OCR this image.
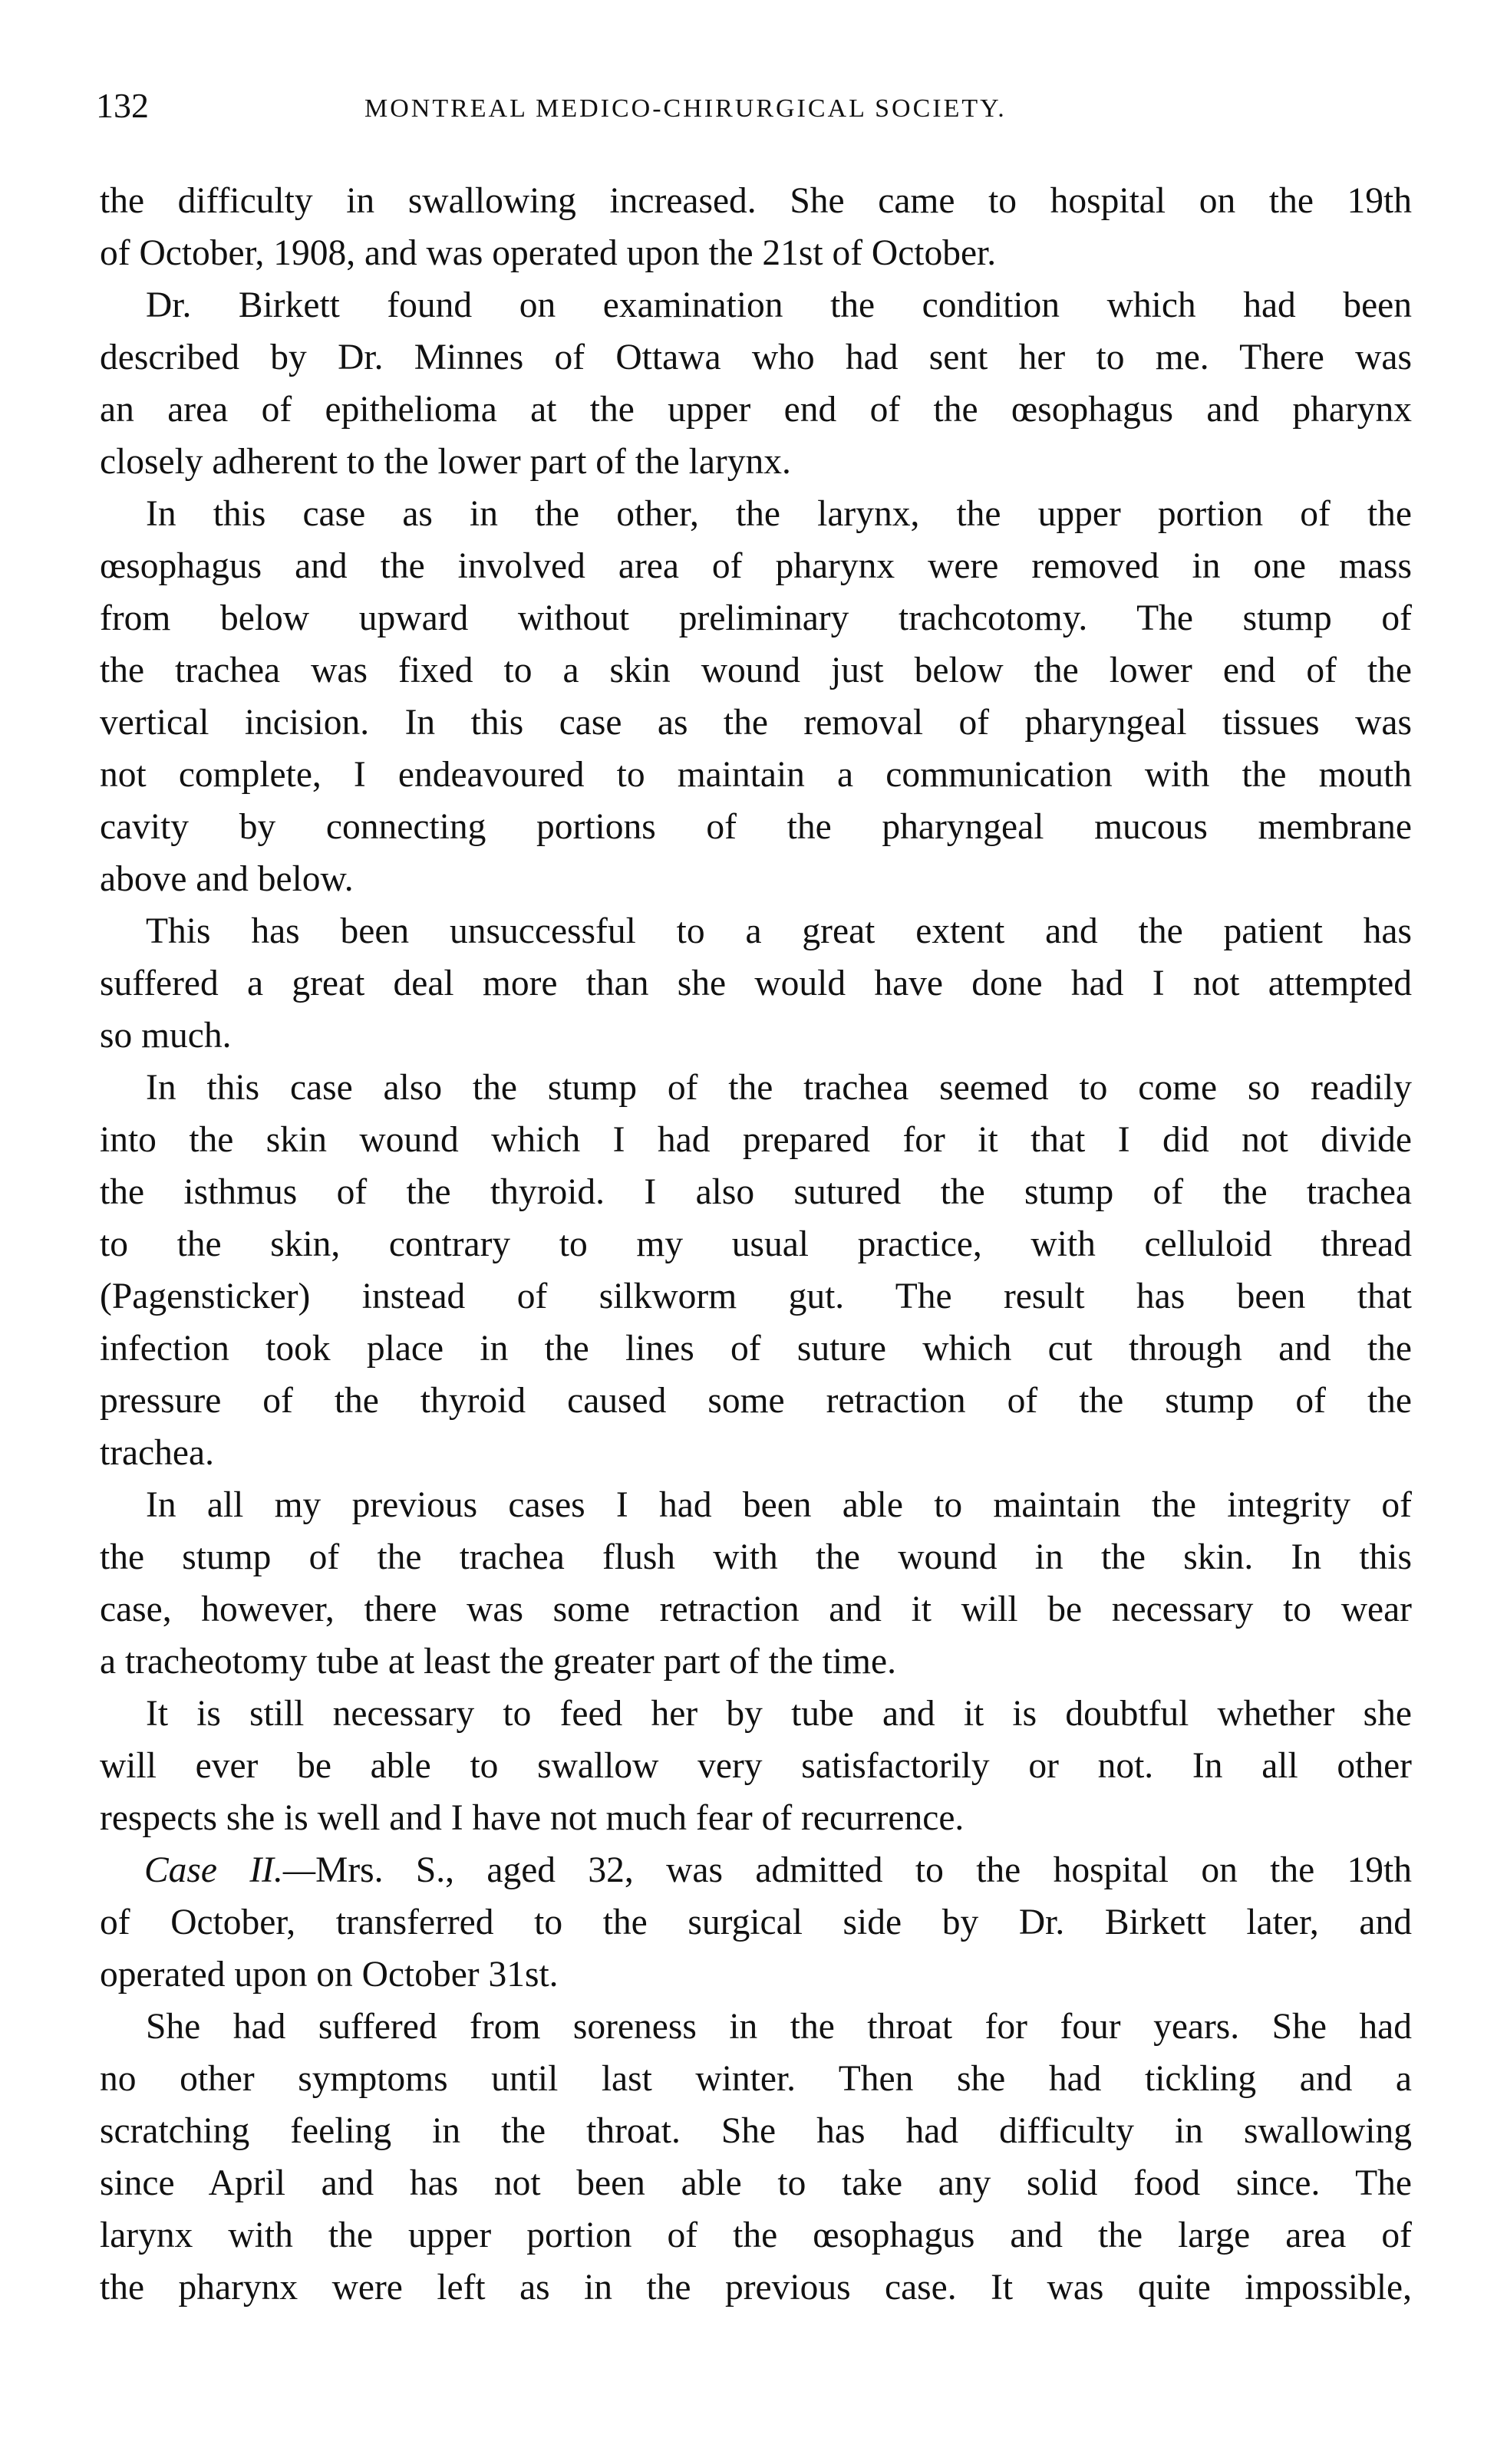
132	MONTREAL MEDICO-CHIRURGICAL SOCIETY.
the difficulty in swallowing increased. She came to hospital on the 19th
of October, 1908, and was operated upon the 21st of October.
Dr. Birkett found on examination the condition which had been
described by Dr. Minnes of Ottawa who had sent her to me. There was
an area of epithelioma at the upper end of the œsophagus and pharynx
closely adherent to the lower part of the larynx.
In this case as in the other, the larynx, the upper portion of the
œsophagus and the involved area of pharynx were removed in one mass
from below upward without preliminary trachcotomy. The stump of
the trachea was fixed to a skin wound just below the lower end of the
vertical incision. In this case as the removal of pharyngeal tissues was
not complete, I endeavoured to maintain a communication with the mouth
cavity by connecting portions of the pharyngeal mucous membrane
above and below.
This has been unsuccessful to a great extent and the patient has
suffered a great deal more than she would have done had I not attempted
so much.
In this case also the stump of the trachea seemed to come so readily
into the skin wound which I had prepared for it that I did not divide
the isthmus of the thyroid. I also sutured the stump of the trachea
to the skin, contrary to my usual practice, with celluloid thread
(Pagensticker) instead of silkworm gut. The result has been that
infection took place in the lines of suture which cut through and the
pressure of the thyroid caused some retraction of the stump of the
trachea.
In all my previous cases I had been able to maintain the integrity of
the stump of the trachea flush with the wound in the skin. In this
case, however, there was some retraction and it will be necessary to wear
a tracheotomy tube at least the greater part of the time.
It is still necessary to feed her by tube and it is doubtful whether she
will ever be able to swallow very satisfactorily or not. In all other
respects she is well and I have not much fear of recurrence.
Case II.—Mrs. S., aged 32, was admitted to the hospital on the 19th
of October, transferred to the surgical side by Dr. Birkett later, and
operated upon on October 31st.
She had suffered from soreness in the throat for four years. She had
no other symptoms until last winter. Then she had tickling and a
scratching feeling in the throat. She has had difficulty in swallowing
since April and has not been able to take any solid food since. The
larynx with the upper portion of the œsophagus and the large area of
the pharynx were left as in the previous case. It was quite impossible,
